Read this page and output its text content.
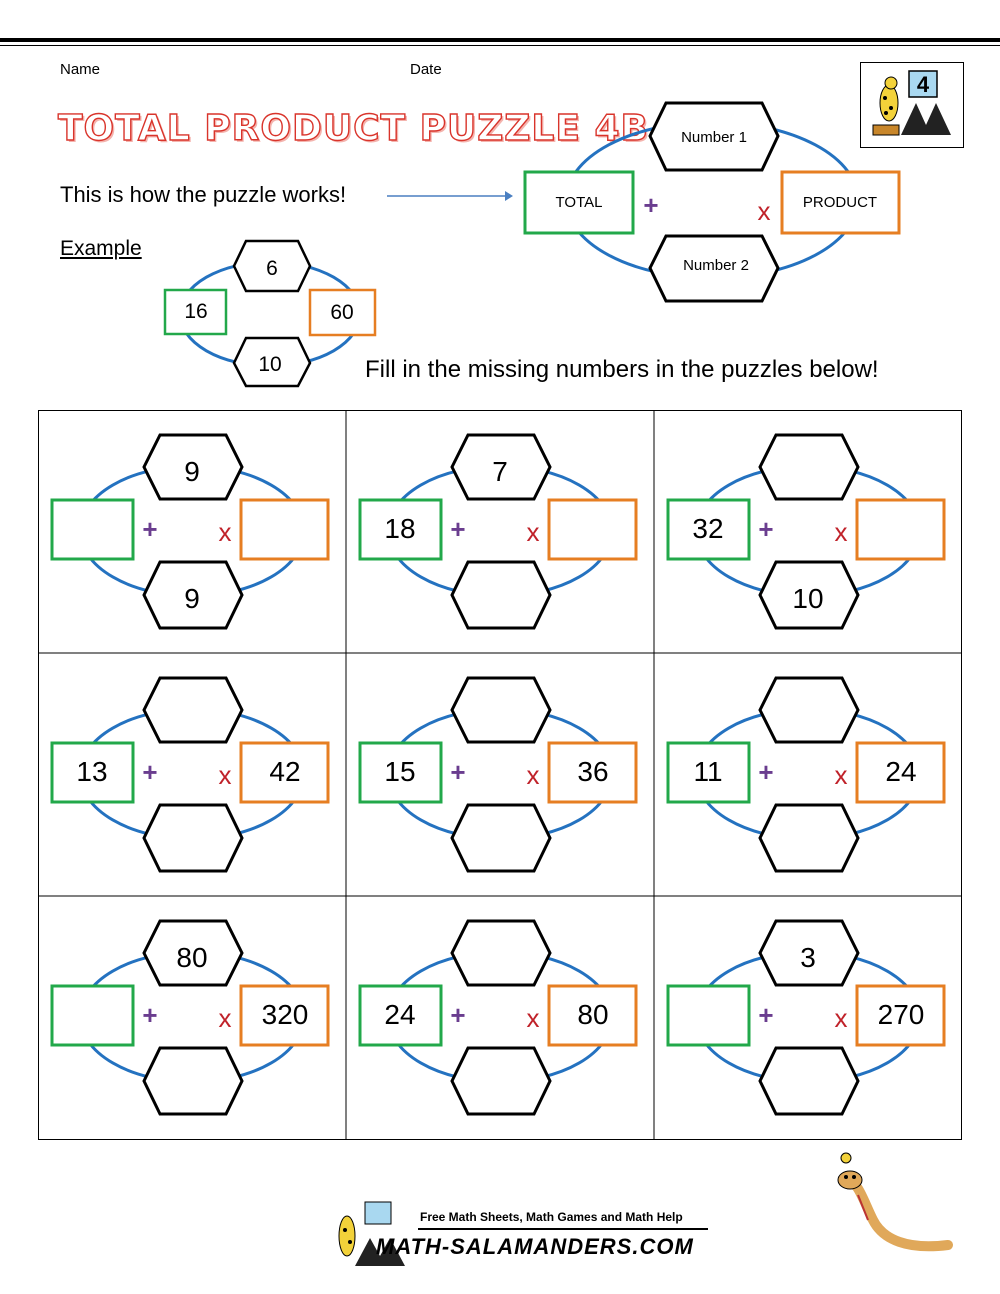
Name	Date
TOTAL PRODUCT PUZZLE 4B
4
This is how the puzzle works!
Example
Number 1
Number 2
TOTAL	PRODUCT
+	x
6
10
16	60
Fill in the missing numbers in the puzzles below!
+ x
9
9
+ x
7
18	+ x
10
32
+ x
13	42	+ x
15	36	+ x
11	24
+ x
80
320	+ x
24	80	+ x
3
270
Free Math Sheets, Math Games and Math Help
MATH-SALAMANDERS.COM
